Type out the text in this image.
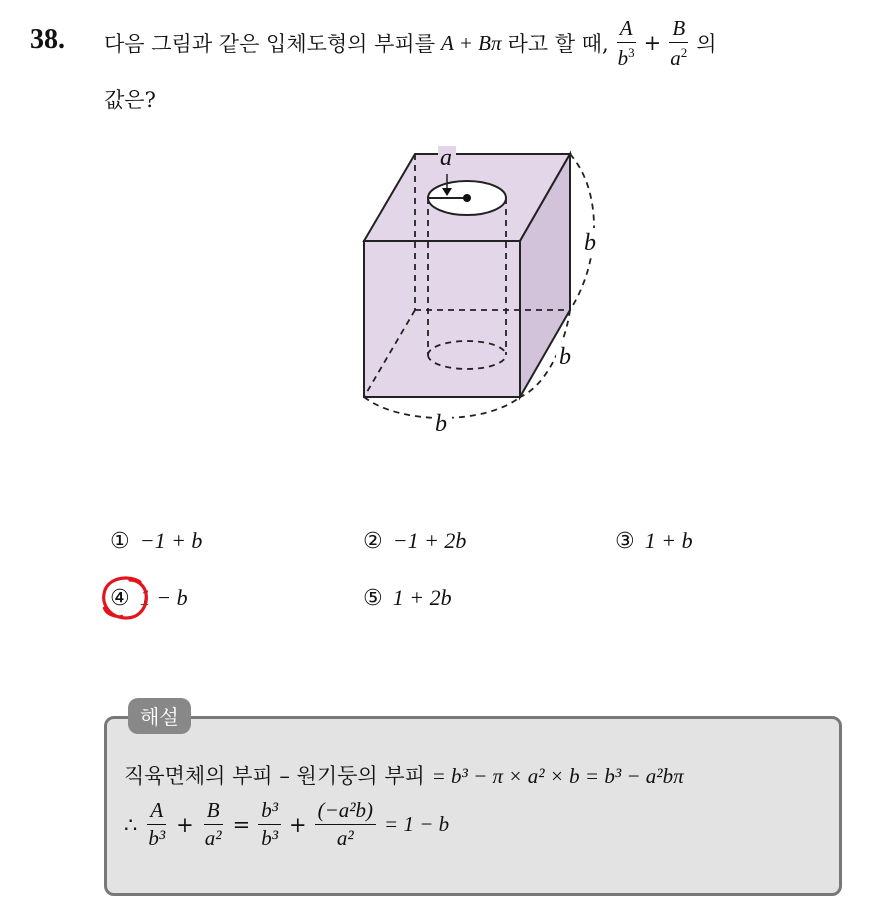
38. 다음 그림과 같은 입체도형의 부피를 A + Bπ 라고 할 때, $\frac{A}{b^3} + \frac{B}{a^2}$ 의
값은?
a
b
b
b
① −1 + b	② −1 + 2b	③ 1 + b
④ 1 − b	⑤ 1 + 2b
해설
직육면체의 부피 – 원기둥의 부피 = b³ − π × a² × b = b³ − a²bπ
∴ $\frac{A}{\text{b³}} + \frac{B}{\text{a²}} = \frac{\text{b³}}{\text{b³}} + \frac{\text{(−a²b)}}{\text{a²}} = 1 - b$
